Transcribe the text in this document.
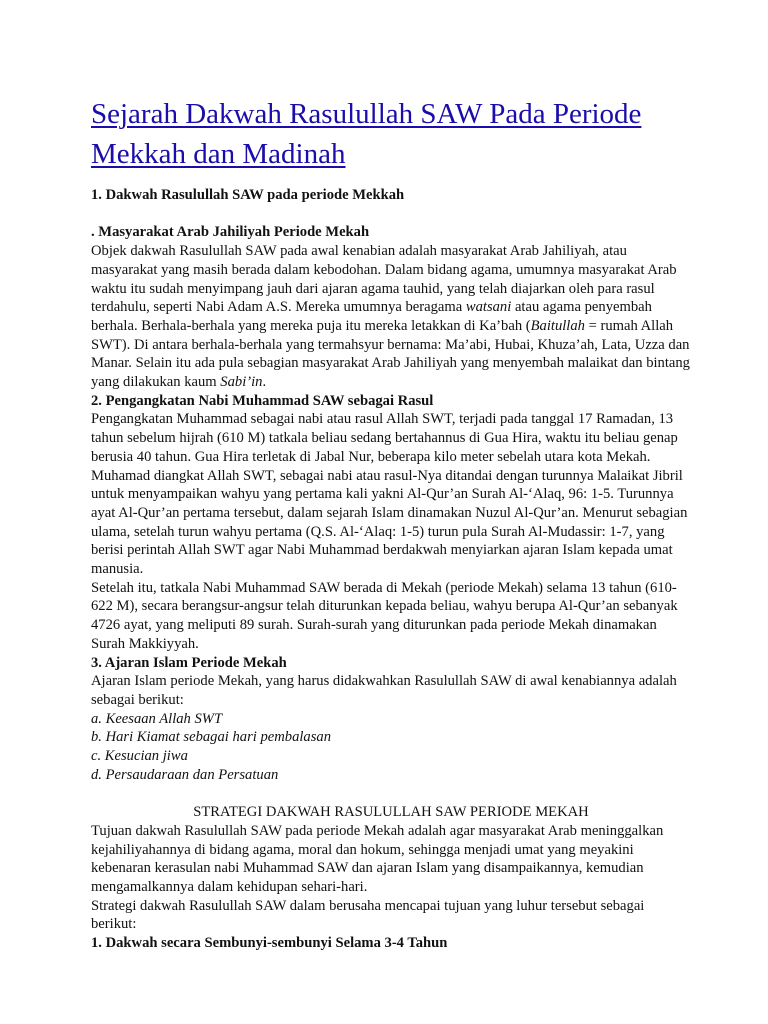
Sejarah Dakwah Rasulullah SAW Pada Periode Mekkah dan Madinah

1. Dakwah Rasulullah SAW pada periode Mekkah

. Masyarakat Arab Jahiliyah Periode Mekah

Objek dakwah Rasulullah SAW pada awal kenabian adalah masyarakat Arab Jahiliyah, atau masyarakat yang masih berada dalam kebodohan. Dalam bidang agama, umumnya masyarakat Arab waktu itu sudah menyimpang jauh dari ajaran agama tauhid, yang telah diajarkan oleh para rasul terdahulu, seperti Nabi Adam A.S. Mereka umumnya beragama watsani atau agama penyembah berhala. Berhala-berhala yang mereka puja itu mereka letakkan di Ka’bah (Baitullah = rumah Allah SWT). Di antara berhala-berhala yang termahsyur bernama: Ma’abi, Hubai, Khuza’ah, Lata, Uzza dan Manar. Selain itu ada pula sebagian masyarakat Arab Jahiliyah yang menyembah malaikat dan bintang yang dilakukan kaum Sabi’in.

2. Pengangkatan Nabi Muhammad SAW sebagai Rasul

Pengangkatan Muhammad sebagai nabi atau rasul Allah SWT, terjadi pada tanggal 17 Ramadan, 13 tahun sebelum hijrah (610 M) tatkala beliau sedang bertahannus di Gua Hira, waktu itu beliau genap berusia 40 tahun. Gua Hira terletak di Jabal Nur, beberapa kilo meter sebelah utara kota Mekah.

Muhamad diangkat Allah SWT, sebagai nabi atau rasul-Nya ditandai dengan turunnya Malaikat Jibril untuk menyampaikan wahyu yang pertama kali yakni Al-Qur’an Surah Al-‘Alaq, 96: 1-5. Turunnya ayat Al-Qur’an pertama tersebut, dalam sejarah Islam dinamakan Nuzul Al-Qur’an. Menurut sebagian ulama, setelah turun wahyu pertama (Q.S. Al-‘Alaq: 1-5) turun pula Surah Al-Mudassir: 1-7, yang berisi perintah Allah SWT agar Nabi Muhammad berdakwah menyiarkan ajaran Islam kepada umat manusia.

Setelah itu, tatkala Nabi Muhammad SAW berada di Mekah (periode Mekah) selama 13 tahun (610-622 M), secara berangsur-angsur telah diturunkan kepada beliau, wahyu berupa Al-Qur’an sebanyak 4726 ayat, yang meliputi 89 surah. Surah-surah yang diturunkan pada periode Mekah dinamakan Surah Makkiyyah.

3. Ajaran Islam Periode Mekah

Ajaran Islam periode Mekah, yang harus didakwahkan Rasulullah SAW di awal kenabiannya adalah sebagai berikut:

a. Keesaan Allah SWT

b. Hari Kiamat sebagai hari pembalasan

c. Kesucian jiwa

d. Persaudaraan dan Persatuan

STRATEGI DAKWAH RASULULLAH SAW PERIODE MEKAH

Tujuan dakwah Rasulullah SAW pada periode Mekah adalah agar masyarakat Arab meninggalkan kejahiliyahannya di bidang agama, moral dan hokum, sehingga menjadi umat yang meyakini kebenaran kerasulan nabi Muhammad SAW dan ajaran Islam yang disampaikannya, kemudian mengamalkannya dalam kehidupan sehari-hari.

Strategi dakwah Rasulullah SAW dalam berusaha mencapai tujuan yang luhur tersebut sebagai berikut:

1. Dakwah secara Sembunyi-sembunyi Selama 3-4 Tahun
